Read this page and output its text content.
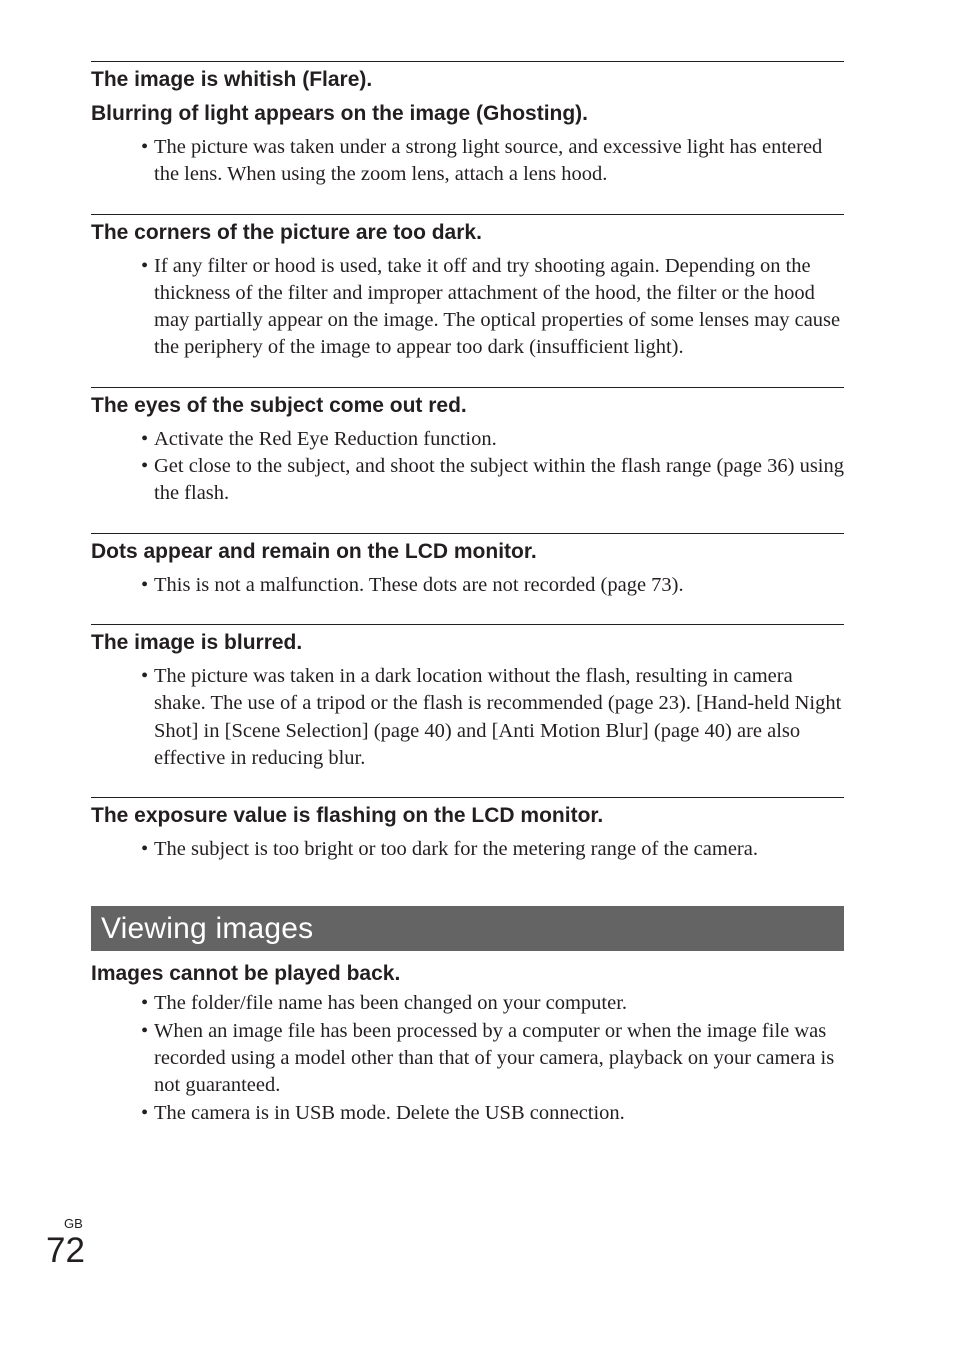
The image is whitish (Flare).
Blurring of light appears on the image (Ghosting).
• The picture was taken under a strong light source, and excessive light has entered the lens. When using the zoom lens, attach a lens hood.
The corners of the picture are too dark.
• If any filter or hood is used, take it off and try shooting again. Depending on the thickness of the filter and improper attachment of the hood, the filter or the hood may partially appear on the image. The optical properties of some lenses may cause the periphery of the image to appear too dark (insufficient light).
The eyes of the subject come out red.
• Activate the Red Eye Reduction function.
• Get close to the subject, and shoot the subject within the flash range (page 36) using the flash.
Dots appear and remain on the LCD monitor.
• This is not a malfunction. These dots are not recorded (page 73).
The image is blurred.
• The picture was taken in a dark location without the flash, resulting in camera shake. The use of a tripod or the flash is recommended (page 23). [Hand-held Night Shot] in [Scene Selection] (page 40) and [Anti Motion Blur] (page 40) are also effective in reducing blur.
The exposure value is flashing on the LCD monitor.
• The subject is too bright or too dark for the metering range of the camera.
Viewing images
Images cannot be played back.
• The folder/file name has been changed on your computer.
• When an image file has been processed by a computer or when the image file was recorded using a model other than that of your camera, playback on your camera is not guaranteed.
• The camera is in USB mode. Delete the USB connection.
GB
72
